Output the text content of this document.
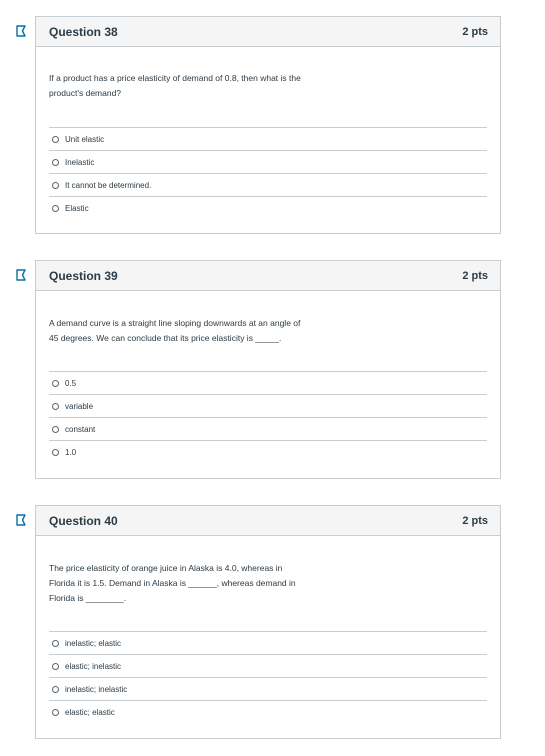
Question 38	2 pts
If a product has a price elasticity of demand of 0.8, then what is the
product's demand?
Unit elastic
Inelastic
It cannot be determined.
Elastic
Question 39	2 pts
A demand curve is a straight line sloping downwards at an angle of
45 degrees. We can conclude that its price elasticity is _____.
0.5
variable
constant
1.0
Question 40	2 pts
The price elasticity of orange juice in Alaska is 4.0, whereas in
Florida it is 1.5. Demand in Alaska is ______, whereas demand in
Florida is ________.
inelastic; elastic
elastic; inelastic
inelastic; inelastic
elastic; elastic
